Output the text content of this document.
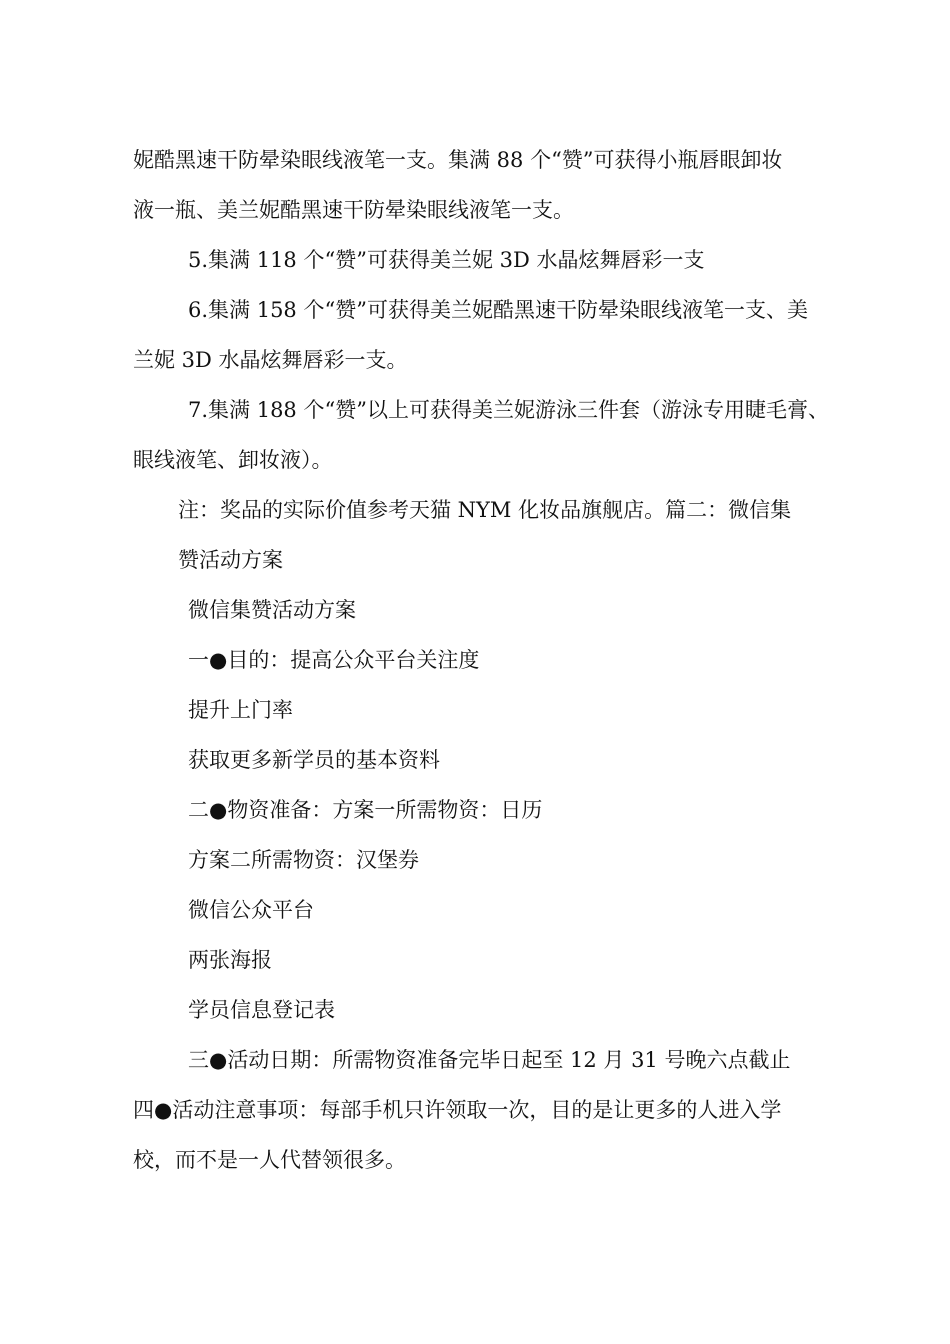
妮酷黑速干防晕染眼线液笔一支。集满 88 个“赞”可获得小瓶唇眼卸妆
液一瓶、美兰妮酷黑速干防晕染眼线液笔一支。
5.集满 118 个“赞”可获得美兰妮 3D 水晶炫舞唇彩一支
6.集满 158 个“赞”可获得美兰妮酷黑速干防晕染眼线液笔一支、美
兰妮 3D 水晶炫舞唇彩一支。
7.集满 188 个“赞”以上可获得美兰妮游泳三件套（游泳专用睫毛膏、
眼线液笔、卸妆液）。
注：奖品的实际价值参考天猫 NYM 化妆品旗舰店。篇二：微信集
赞活动方案
微信集赞活动方案
一●目的：提高公众平台关注度
提升上门率
获取更多新学员的基本资料
二●物资准备：方案一所需物资：日历
方案二所需物资：汉堡券
微信公众平台
两张海报
学员信息登记表
三●活动日期：所需物资准备完毕日起至 12 月 31 号晚六点截止
四●活动注意事项：每部手机只许领取一次，目的是让更多的人进入学
校，而不是一人代替领很多。
